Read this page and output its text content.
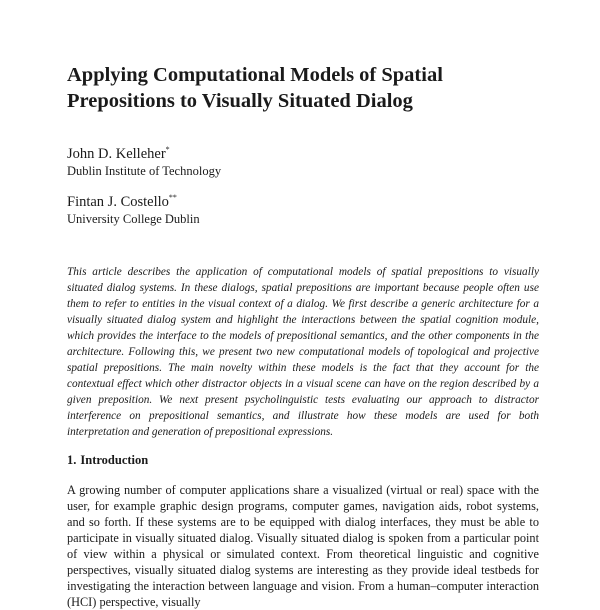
Applying Computational Models of Spatial Prepositions to Visually Situated Dialog
John D. Kelleher*
Dublin Institute of Technology
Fintan J. Costello**
University College Dublin

This article describes the application of computational models of spatial prepositions to visually situated dialog systems. In these dialogs, spatial prepositions are important because people often use them to refer to entities in the visual context of a dialog. We first describe a generic architecture for a visually situated dialog system and highlight the interactions between the spatial cognition module, which provides the interface to the models of prepositional semantics, and the other components in the architecture. Following this, we present two new computational models of topological and projective spatial prepositions. The main novelty within these models is the fact that they account for the contextual effect which other distractor objects in a visual scene can have on the region described by a given preposition. We next present psycholinguistic tests evaluating our approach to distractor interference on prepositional semantics, and illustrate how these models are used for both interpretation and generation of prepositional expressions.

1. Introduction

A growing number of computer applications share a visualized (virtual or real) space with the user, for example graphic design programs, computer games, navigation aids, robot systems, and so forth. If these systems are to be equipped with dialog interfaces, they must be able to participate in visually situated dialog. Visually situated dialog is spoken from a particular point of view within a physical or simulated context. From theoretical linguistic and cognitive perspectives, visually situated dialog systems are interesting as they provide ideal testbeds for investigating the interaction between language and vision. From a human–computer interaction (HCI) perspective, visually
